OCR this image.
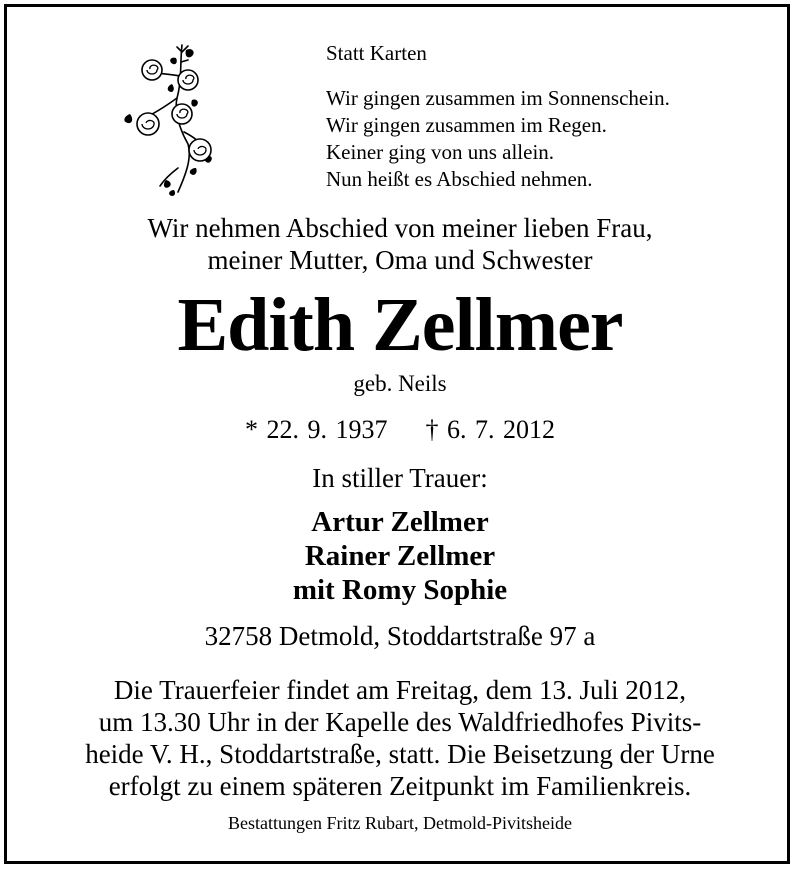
Statt Karten
Wir gingen zusammen im Sonnenschein.
Wir gingen zusammen im Regen.
Keiner ging von uns allein.
Nun heißt es Abschied nehmen.
Wir nehmen Abschied von meiner lieben Frau,
meiner Mutter, Oma und Schwester
Edith Zellmer
geb. Neils
* 22. 9. 1937 † 6. 7. 2012
In stiller Trauer:
Artur Zellmer
Rainer Zellmer
mit Romy Sophie
32758 Detmold, Stoddartstraße 97 a
Die Trauerfeier findet am Freitag, dem 13. Juli 2012,
um 13.30 Uhr in der Kapelle des Waldfriedhofes Pivits-
heide V. H., Stoddartstraße, statt. Die Beisetzung der Urne
erfolgt zu einem späteren Zeitpunkt im Familienkreis.
Bestattungen Fritz Rubart, Detmold-Pivitsheide
